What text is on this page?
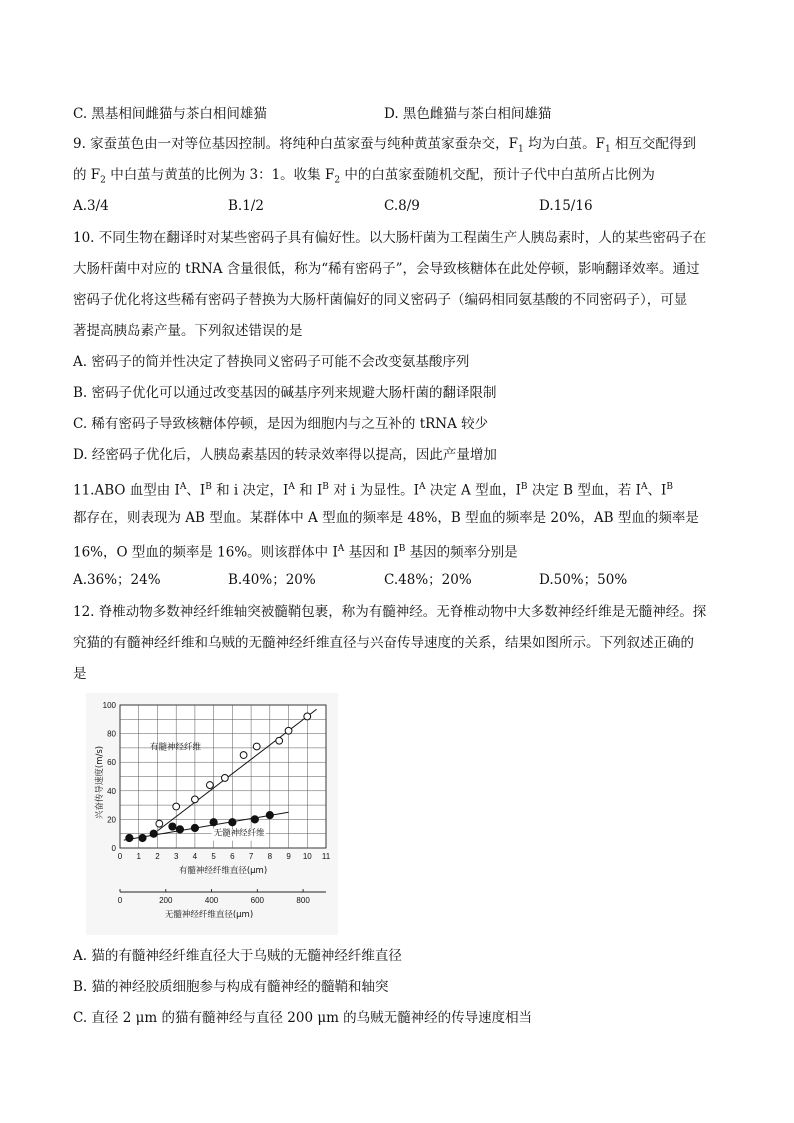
C. 黑基相间雌猫与茶白相间雄猫	D. 黑色雌猫与茶白相间雄猫
9. 家蚕茧色由一对等位基因控制。将纯种白茧家蚕与纯种黄茧家蚕杂交，$F_1$ 均为白茧。$F_1$ 相互交配得到
的 $F_2$ 中白茧与黄茧的比例为 3：1。收集 $F_2$ 中的白茧家蚕随机交配，预计子代中白茧所占比例为
A.3/4	B.1/2	C.8/9	D.15/16
10. 不同生物在翻译时对某些密码子具有偏好性。以大肠杆菌为工程菌生产人胰岛素时，人的某些密码子在
大肠杆菌中对应的 tRNA 含量很低，称为“稀有密码子”，会导致核糖体在此处停顿，影响翻译效率。通过
密码子优化将这些稀有密码子替换为大肠杆菌偏好的同义密码子（编码相同氨基酸的不同密码子），可显
著提高胰岛素产量。下列叙述错误的是
A. 密码子的简并性决定了替换同义密码子可能不会改变氨基酸序列
B. 密码子优化可以通过改变基因的碱基序列来规避大肠杆菌的翻译限制
C. 稀有密码子导致核糖体停顿，是因为细胞内与之互补的 tRNA 较少
D. 经密码子优化后，人胰岛素基因的转录效率得以提高，因此产量增加
11.ABO 血型由 $I^A$、$I^B$ 和 i 决定，$I^A$ 和 $I^B$ 对 i 为显性。$I^A$ 决定 A 型血，$I^B$ 决定 B 型血，若 $I^A$、$I^B$
都存在，则表现为 AB 型血。某群体中 A 型血的频率是 48%，B 型血的频率是 20%，AB 型血的频率是
16%，O 型血的频率是 16%。则该群体中 $I^A$ 基因和 $I^B$ 基因的频率分别是
A.36%；24%	B.40%；20%	C.48%；20%	D.50%；50%
12. 脊椎动物多数神经纤维轴突被髓鞘包裹，称为有髓神经。无脊椎动物中大多数神经纤维是无髓神经。探
究猫的有髓神经纤维和乌贼的无髓神经纤维直径与兴奋传导速度的关系，结果如图所示。下列叙述正确的
是
0
20
40
60
80
100
0 1 2 3 4 5 6 7 8 9 10 11
有髓神经纤维直径(μm)
0	200	400	600	800
无髓神经纤维直径(μm)
兴奋传导速度(m/s)	有髓神经纤维
无髓神经纤维
A. 猫的有髓神经纤维直径大于乌贼的无髓神经纤维直径
B. 猫的神经胶质细胞参与构成有髓神经的髓鞘和轴突
C. 直径 2 μm 的猫有髓神经与直径 200 μm 的乌贼无髓神经的传导速度相当
